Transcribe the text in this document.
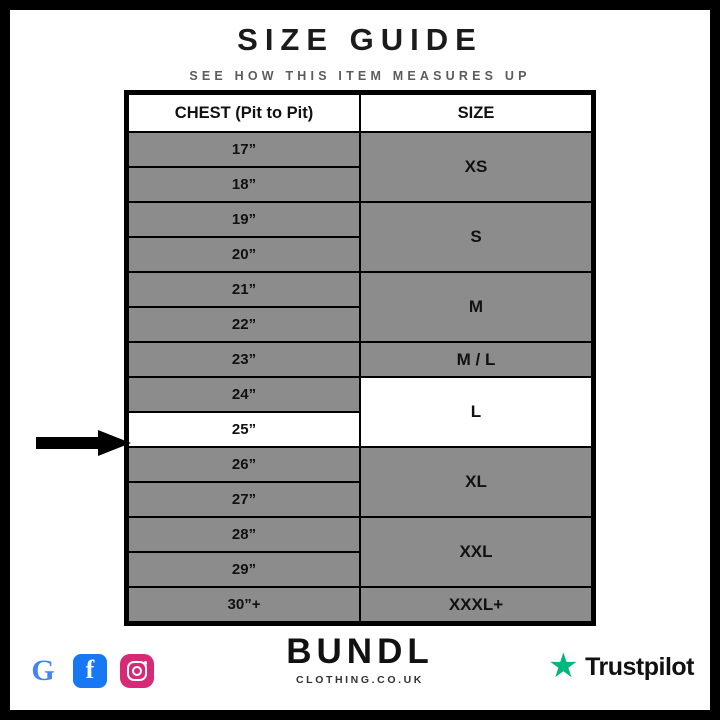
SIZE GUIDE
SEE HOW THIS ITEM MEASURES UP
CHEST (Pit to Pit)	SIZE
17”	XS
18”	
19”	S
20”	
21”	M
22”	
23”	M / L
24”	L
25”	
26”	XL
27”	
28”	XXL
29”	
30”+	XXXL+
G	f	BUNDL
CLOTHING.CO.UK	★ Trustpilot
